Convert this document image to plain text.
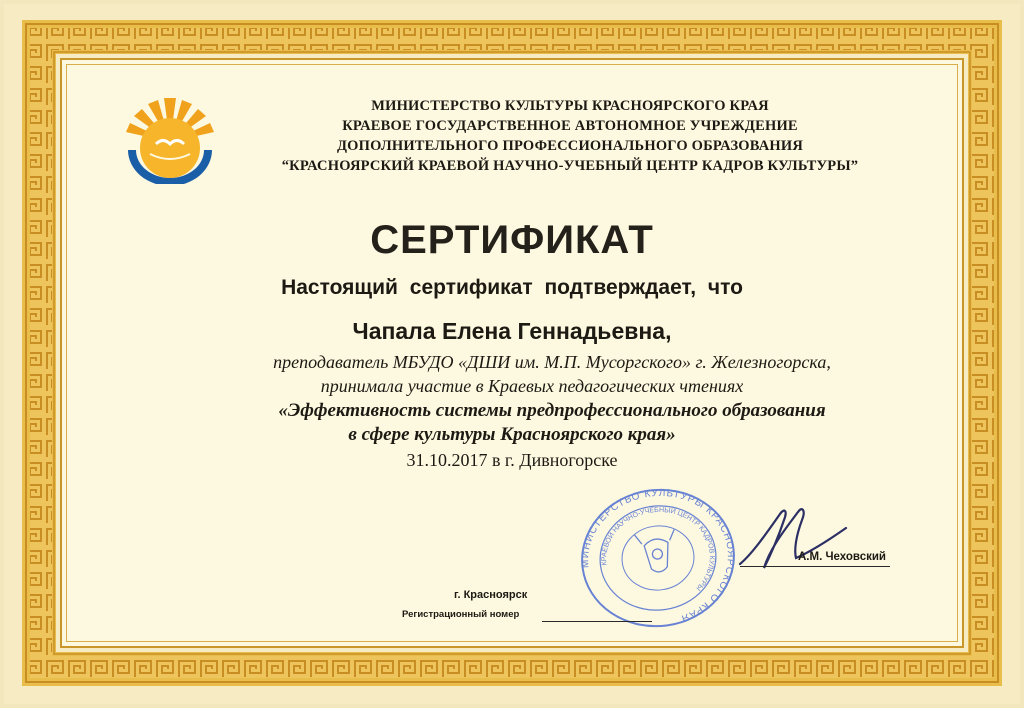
МИНИСТЕРСТВО КУЛЬТУРЫ КРАСНОЯРСКОГО КРАЯ
КРАЕВОЕ ГОСУДАРСТВЕННОЕ АВТОНОМНОЕ УЧРЕЖДЕНИЕ
ДОПОЛНИТЕЛЬНОГО ПРОФЕССИОНАЛЬНОГО ОБРАЗОВАНИЯ
“КРАСНОЯРСКИЙ КРАЕВОЙ НАУЧНО-УЧЕБНЫЙ ЦЕНТР КАДРОВ КУЛЬТУРЫ”
СЕРТИФИКАТ
Настоящий сертификат подтверждает, что
Чапала Елена Геннадьевна,
преподаватель МБУДО «ДШИ им. М.П. Мусоргского» г. Железногорска,
принимала участие в Краевых педагогических чтениях
«Эффективность системы предпрофессионального образования
в сфере культуры Красноярского края»
31.10.2017 в г. Дивногорске
МИНИСТЕРСТВО КУЛЬТУРЫ КРАСНОЯРСКОГО КРАЯ
КРАЕВОЙ НАУЧНО-УЧЕБНЫЙ ЦЕНТР КАДРОВ КУЛЬТУРЫ
А.М. Чеховский
г. Красноярск
Регистрационный номер
